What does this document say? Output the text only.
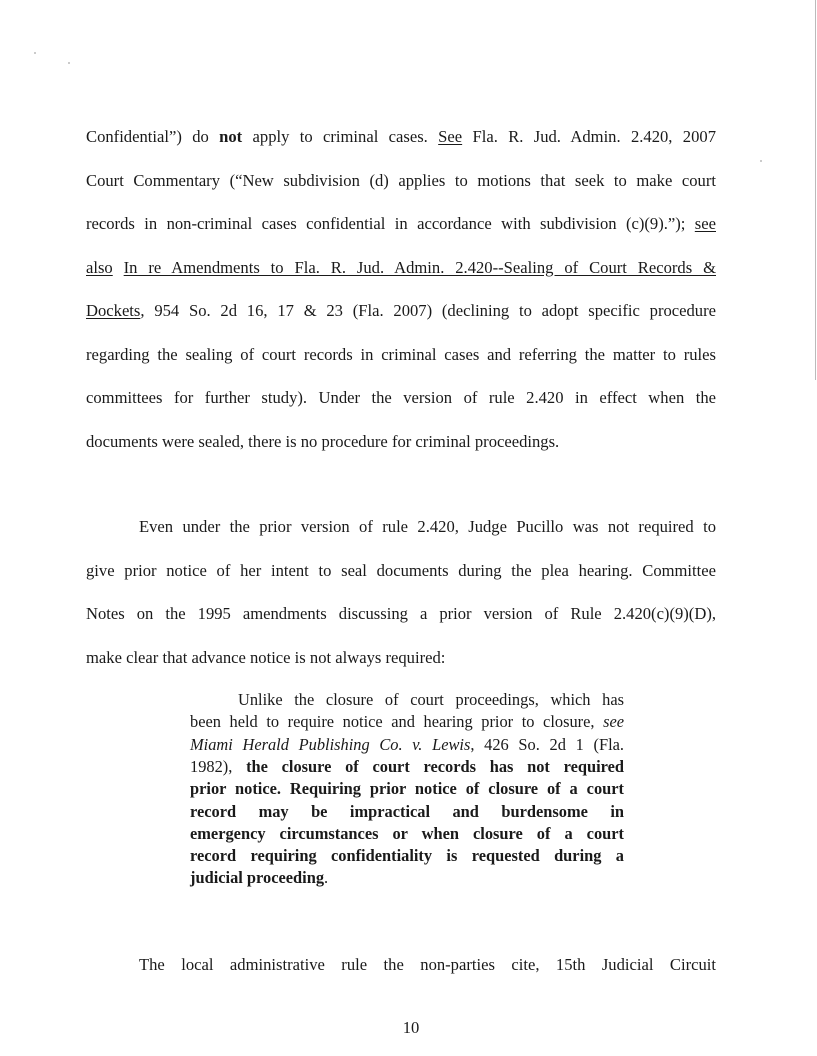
Confidential”) do not apply to criminal cases. See Fla. R. Jud. Admin. 2.420, 2007
Court Commentary (“New subdivision (d) applies to motions that seek to make court
records in non-criminal cases confidential in accordance with subdivision (c)(9).”); see
also In re Amendments to Fla. R. Jud. Admin. 2.420--Sealing of Court Records &
Dockets, 954 So. 2d 16, 17 & 23 (Fla. 2007) (declining to adopt specific procedure
regarding the sealing of court records in criminal cases and referring the matter to rules
committees for further study). Under the version of rule 2.420 in effect when the
documents were sealed, there is no procedure for criminal proceedings.
Even under the prior version of rule 2.420, Judge Pucillo was not required to
give prior notice of her intent to seal documents during the plea hearing. Committee
Notes on the 1995 amendments discussing a prior version of Rule 2.420(c)(9)(D),
make clear that advance notice is not always required:
Unlike the closure of court proceedings, which has
been held to require notice and hearing prior to closure, see
Miami Herald Publishing Co. v. Lewis, 426 So. 2d 1 (Fla.
1982), the closure of court records has not required
prior notice. Requiring prior notice of closure of a court
record may be impractical and burdensome in
emergency circumstances or when closure of a court
record requiring confidentiality is requested during a
judicial proceeding.
The local administrative rule the non-parties cite, 15th Judicial Circuit
10
